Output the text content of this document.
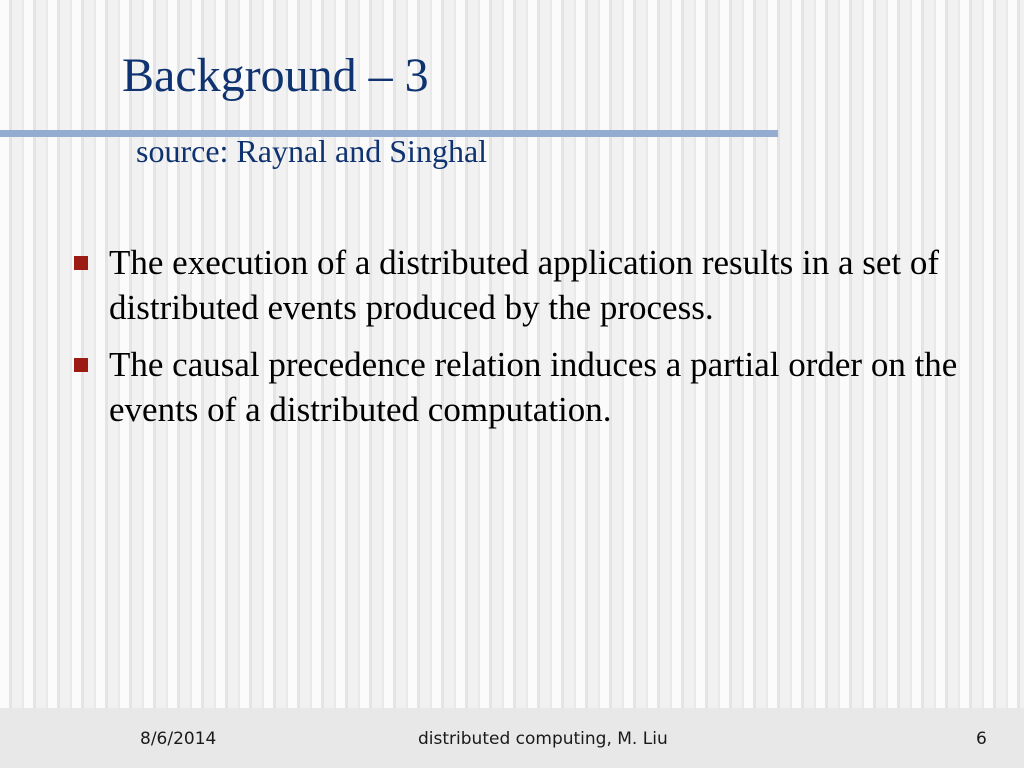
Background – 3
source: Raynal and Singhal
The execution of a distributed application results in a set of distributed events produced by the process.
The causal precedence relation induces a partial order on the events of a distributed computation.
8/6/2014	distributed computing, M. Liu	6
